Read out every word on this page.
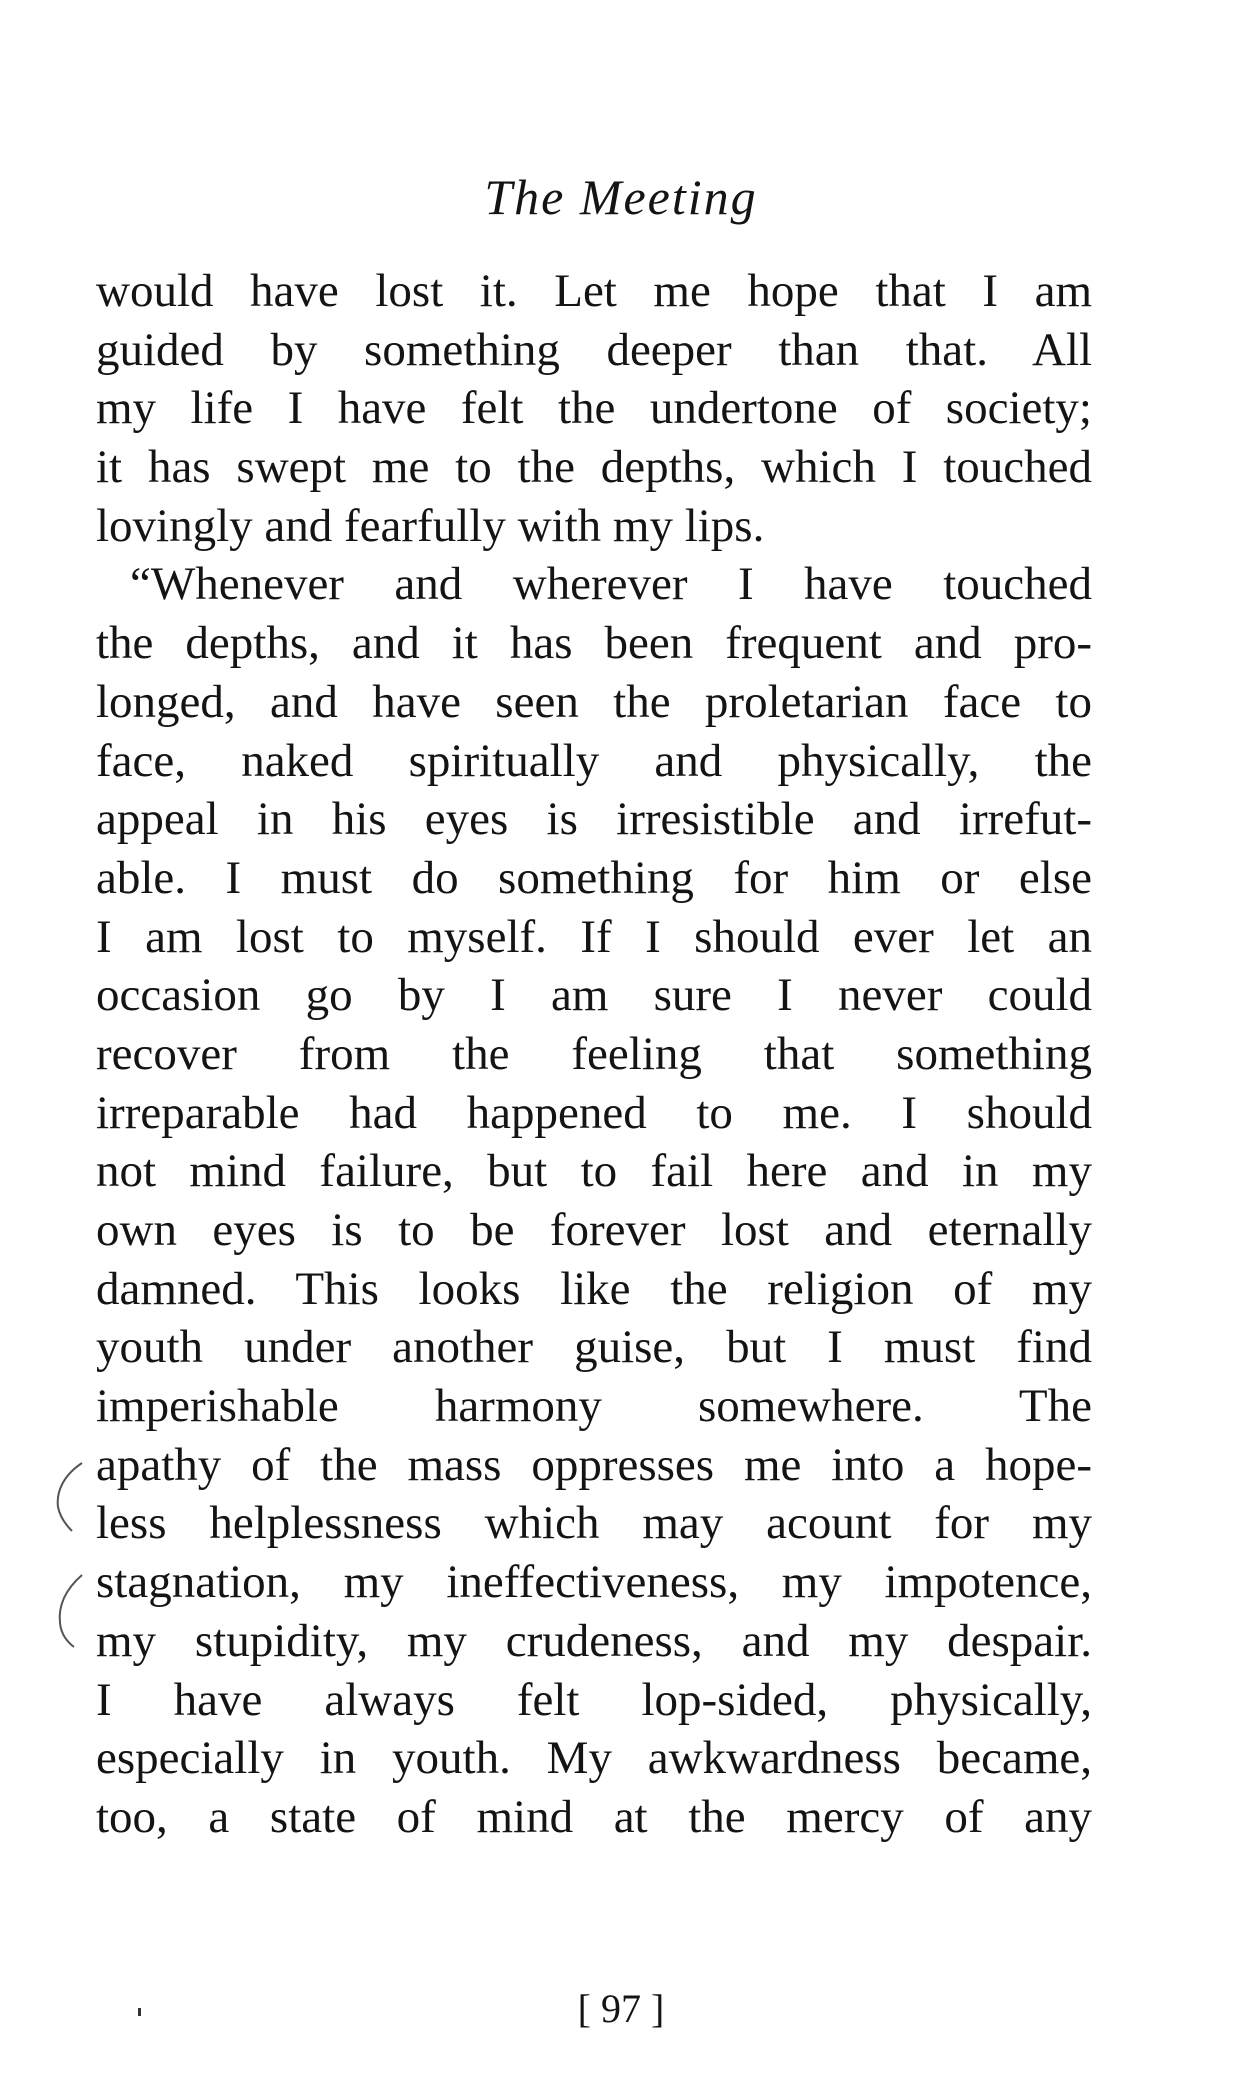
The Meeting
would have lost it. Let me hope that I am
guided by something deeper than that. All
my life I have felt the undertone of society;
it has swept me to the depths, which I touched
lovingly and fearfully with my lips.
“Whenever and wherever I have touched
the depths, and it has been frequent and pro-
longed, and have seen the proletarian face to
face, naked spiritually and physically, the
appeal in his eyes is irresistible and irrefut-
able. I must do something for him or else
I am lost to myself. If I should ever let an
occasion go by I am sure I never could
recover from the feeling that something
irreparable had happened to me. I should
not mind failure, but to fail here and in my
own eyes is to be forever lost and eternally
damned. This looks like the religion of my
youth under another guise, but I must find
imperishable harmony somewhere. The
apathy of the mass oppresses me into a hope-
less helplessness which may acount for my
stagnation, my ineffectiveness, my impotence,
my stupidity, my crudeness, and my despair.
I have always felt lop-sided, physically,
especially in youth. My awkwardness became,
too, a state of mind at the mercy of any
[ 97 ]
